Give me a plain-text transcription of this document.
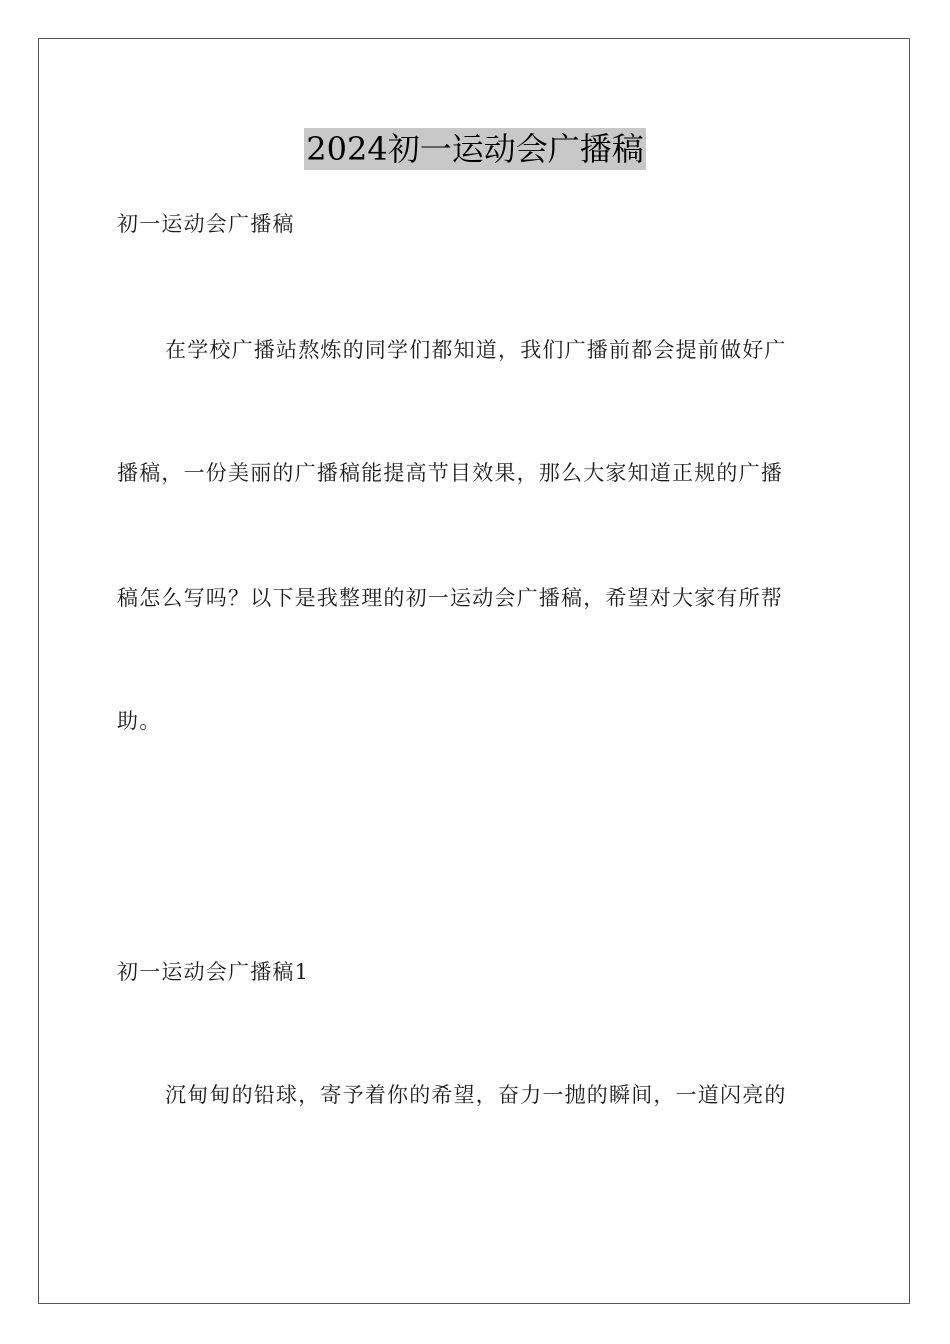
2024初一运动会广播稿
初一运动会广播稿
在学校广播站熬炼的同学们都知道，我们广播前都会提前做好广
播稿，一份美丽的广播稿能提高节目效果，那么大家知道正规的广播
稿怎么写吗？以下是我整理的初一运动会广播稿，希望对大家有所帮
助。
初一运动会广播稿1
沉甸甸的铅球，寄予着你的希望，奋力一抛的瞬间，一道闪亮的
